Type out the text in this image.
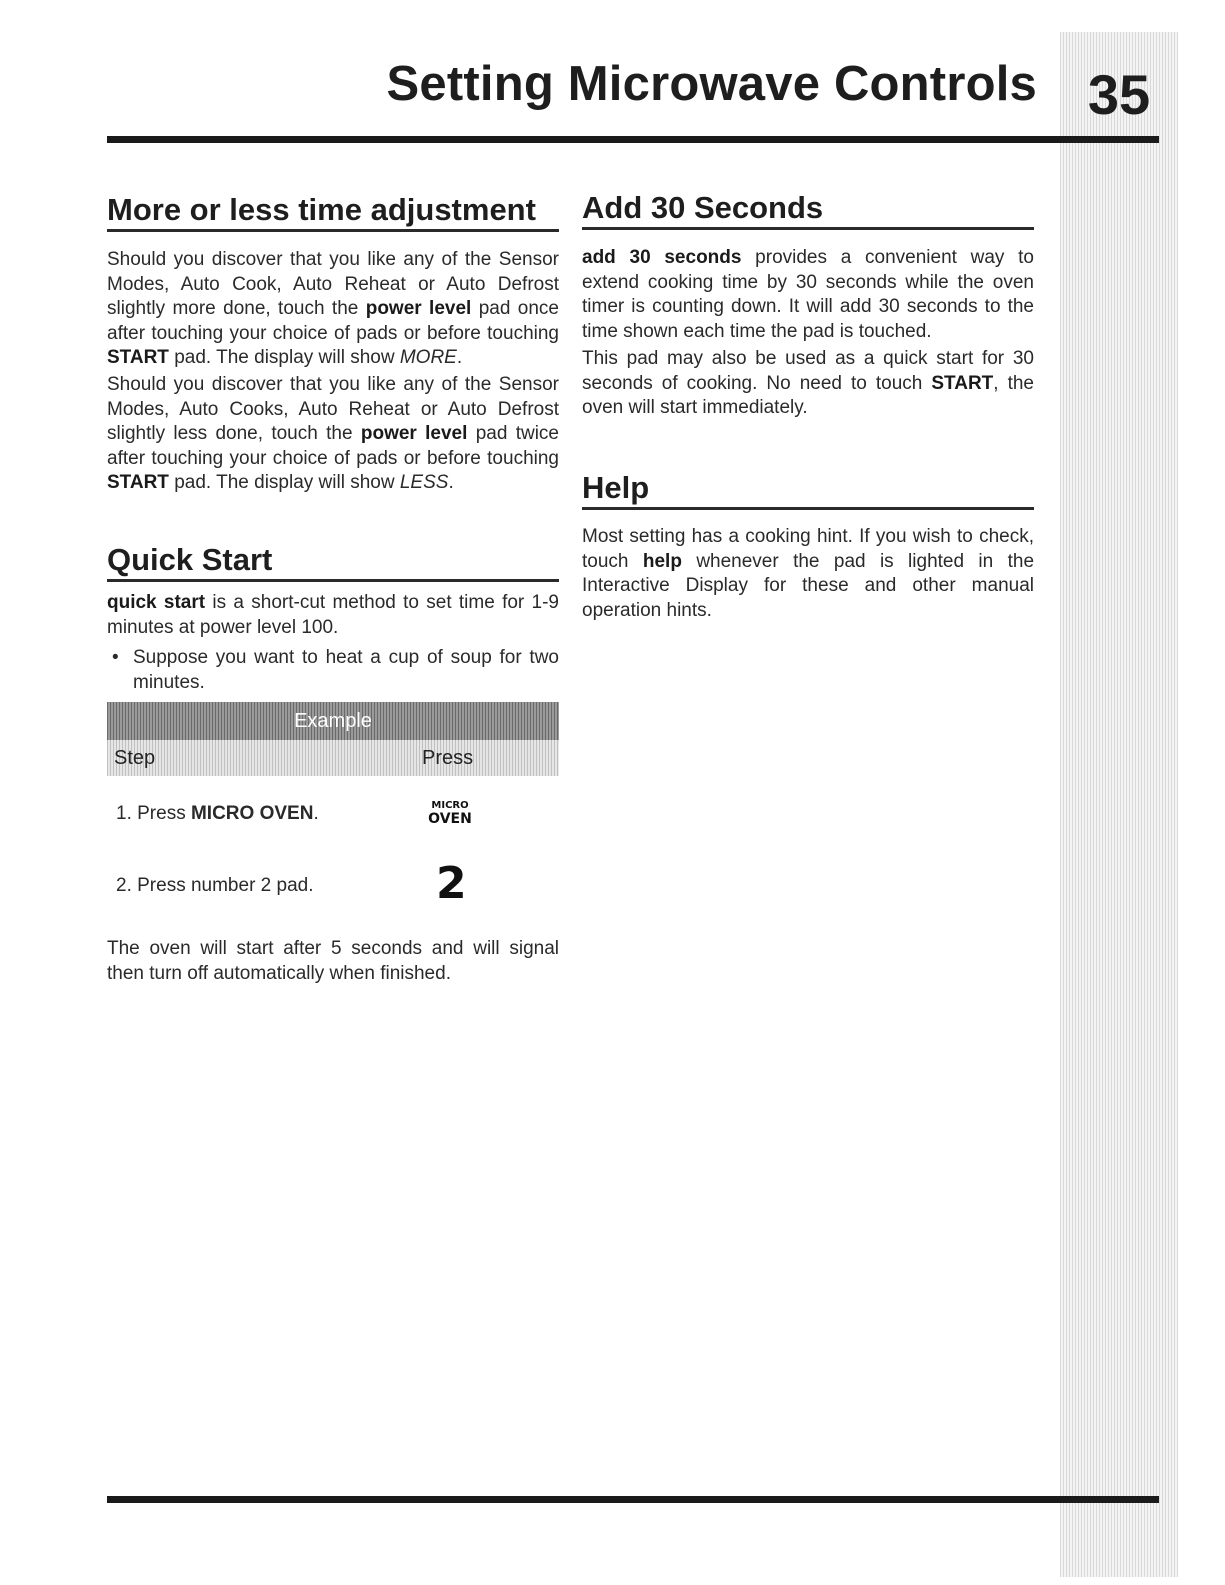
35
Setting Microwave Controls
More or less time adjustment

Should you discover that you like any of the Sensor Modes, Auto Cook, Auto Reheat or Auto Defrost slightly more done, touch the power level pad once after touching your choice of pads or before touching START pad. The display will show MORE.

Should you discover that you like any of the Sensor Modes, Auto Cooks, Auto Reheat or Auto Defrost slightly less done, touch the power level pad twice after touching your choice of pads or before touching START pad. The display will show LESS.

Quick Start

quick start is a short-cut method to set time for 1-9 minutes at power level 100.

• Suppose you want to heat a cup of soup for two minutes.

Example
Step	Press
1. Press MICRO OVEN.	MICRO
OVEN
2. Press number 2 pad.	2

The oven will start after 5 seconds and will signal then turn off automatically when finished.

Add 30 Seconds

add 30 seconds provides a convenient way to extend cooking time by 30 seconds while the oven timer is counting down. It will add 30 seconds to the time shown each time the pad is touched.

This pad may also be used as a quick start for 30 seconds of cooking. No need to touch START, the oven will start immediately.

Help

Most setting has a cooking hint. If you wish to check, touch help whenever the pad is lighted in the Interactive Display for these and other manual operation hints.
